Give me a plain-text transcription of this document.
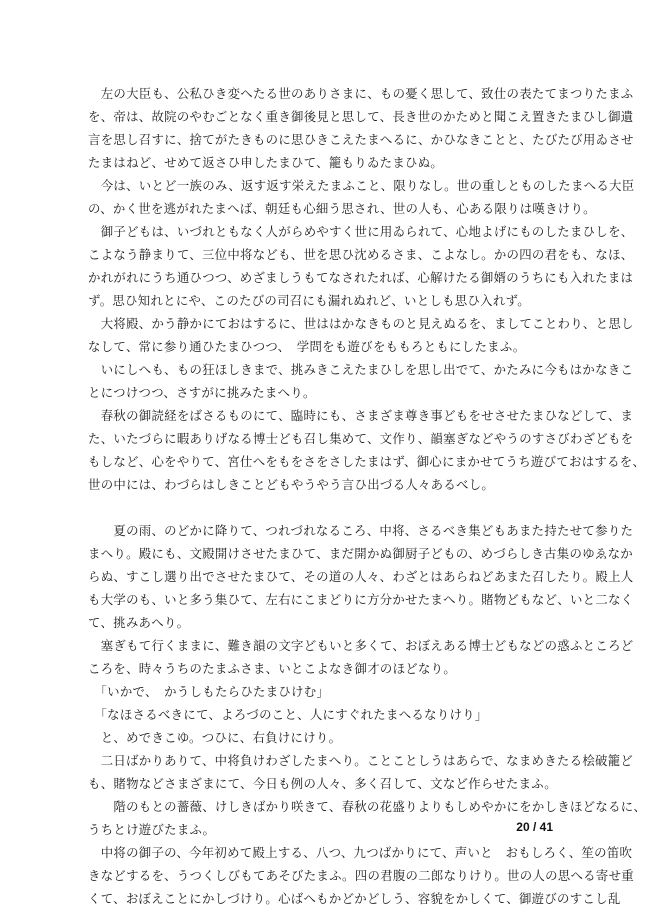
　左の大臣も、公私ひき変へたる世のありさまに、もの憂く思して、致仕の表たてまつりたまふ
を、帝は、故院のやむごとなく重き御後見と思して、長き世のかためと聞こえ置きたまひし御遺
言を思し召すに、捨てがたきものに思ひきこえたまへるに、かひなきことと、たびたび用ゐさせ
たまはねど、せめて返さひ申したまひて、籠もりゐたまひぬ。
　今は、いとど一族のみ、返す返す栄えたまふこと、限りなし。世の重しとものしたまへる大臣
の、かく世を逃がれたまへば、朝廷も心細う思され、世の人も、心ある限りは嘆きけり。
　御子どもは、いづれともなく人がらめやすく世に用ゐられて、心地よげにものしたまひしを、
こよなう静まりて、三位中将なども、世を思ひ沈めるさま、こよなし。かの四の君をも、なほ、
かれがれにうち通ひつつ、めざましうもてなされたれば、心解けたる御婿のうちにも入れたまは
ず。思ひ知れとにや、このたびの司召にも漏れぬれど、いとしも思ひ入れず。
　大将殿、かう静かにておはするに、世ははかなきものと見えぬるを、ましてことわり、と思し
なして、常に参り通ひたまひつつ、　学問をも遊びをももろともにしたまふ。
　いにしへも、もの狂ほしきまで、挑みきこえたまひしを思し出でて、かたみに今もはかなきこ
とにつけつつ、さすがに挑みたまへり。
　春秋の御読経をばさるものにて、臨時にも、さまざま尊き事どもをせさせたまひなどして、ま
た、いたづらに暇ありげなる博士ども召し集めて、文作り、韻塞ぎなどやうのすさびわざどもを
もしなど、心をやりて、宮仕へをもをさをさしたまはず、御心にまかせてうち遊びておはするを、
世の中には、わづらはしきことどもやうやう言ひ出づる人々あるべし。
　　夏の雨、のどかに降りて、つれづれなるころ、中将、さるべき集どもあまた持たせて参りた
まへり。殿にも、文殿開けさせたまひて、まだ開かぬ御厨子どもの、めづらしき古集のゆゑなか
らぬ、すこし選り出でさせたまひて、その道の人々、わざとはあらねどあまた召したり。殿上人
も大学のも、いと多う集ひて、左右にこまどりに方分かせたまへり。賭物どもなど、いと二なく
て、挑みあへり。
　塞ぎもて行くままに、難き韻の文字どもいと多くて、おぼえある博士どもなどの惑ふところど
ころを、時々うちのたまふさま、いとこよなき御才のほどなり。
　「いかで、　かうしもたらひたまひけむ」
　「なほさるべきにて、よろづのこと、人にすぐれたまへるなりけり」
　と、めできこゆ。つひに、右負けにけり。
　二日ばかりありて、中将負けわざしたまへり。ことことしうはあらで、なまめきたる桧破籠ど
も、賭物などさまざまにて、今日も例の人々、多く召して、文など作らせたまふ。
　　階のもとの薔薇、けしきばかり咲きて、春秋の花盛りよりもしめやかにをかしきほどなるに、
うちとけ遊びたまふ。
　中将の御子の、今年初めて殿上する、八つ、九つばかりにて、声いと　おもしろく、笙の笛吹
きなどするを、うつくしびもてあそびたまふ。四の君腹の二郎なりけり。世の人の思へる寄せ重
くて、おぼえことにかしづけり。心ばへもかどかどしう、容貌をかしくて、御遊びのすこし乱
20 / 41
